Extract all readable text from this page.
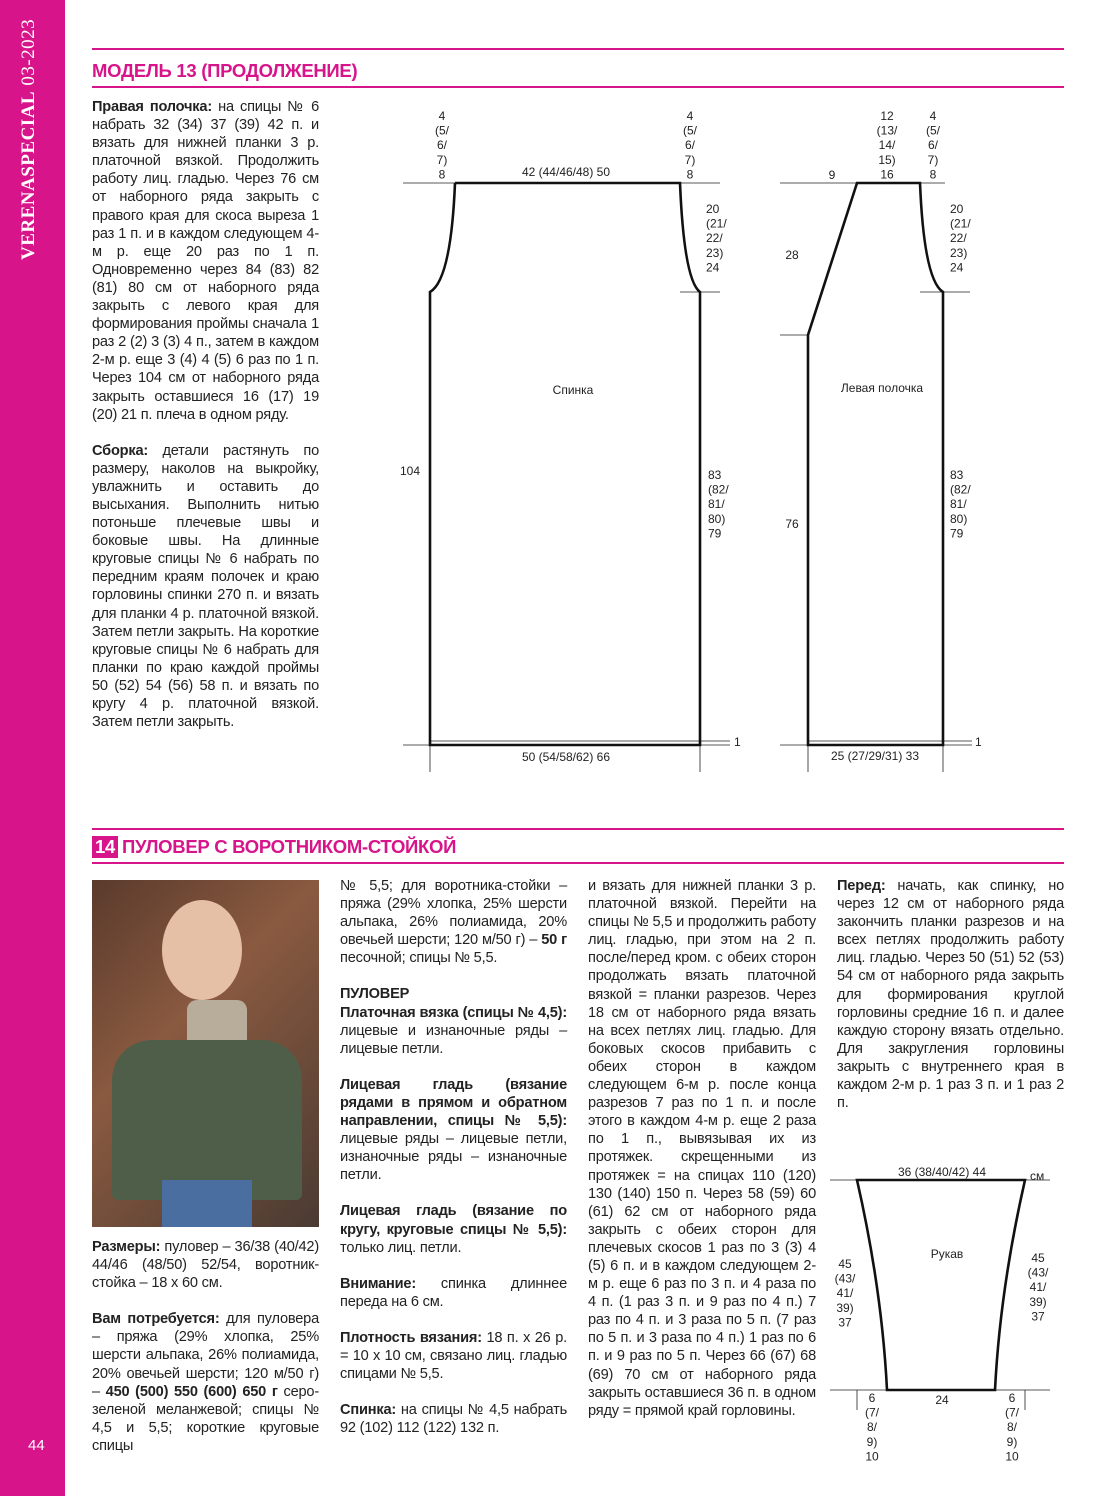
VERENASPECIAL 03-2023
44
МОДЕЛЬ 13 (ПРОДОЛЖЕНИЕ)

Правая полочка: на спицы № 6 набрать 32 (34) 37 (39) 42 п. и вязать для нижней планки 3 р. платочной вязкой. Продолжить работу лиц. гладью. Через 76 см от наборного ряда закрыть с правого края для скоса выреза 1 раз 1 п. и в каждом следующем 4-м р. еще 20 раз по 1 п. Одновременно через 84 (83) 82 (81) 80 см от наборного ряда закрыть с левого края для формирования проймы сначала 1 раз 2 (2) 3 (3) 4 п., затем в каждом 2-м р. еще 3 (4) 4 (5) 6 раз по 1 п. Через 104 см от наборного ряда закрыть оставшиеся 16 (17) 19 (20) 21 п. плеча в одном ряду.

Сборка: детали растянуть по размеру, наколов на выкройку, увлажнить и оставить до высыхания. Выполнить нитью потоньше плечевые швы и боковые швы. На длинные круговые спицы № 6 набрать по передним краям полочек и краю горловины спинки 270 п. и вязать для планки 4 р. платочной вязкой. Затем петли закрыть. На короткие круговые спицы № 6 набрать для планки по краю каждой проймы 50 (52) 54 (56) 58 п. и вязать по кругу 4 р. платочной вязкой. Затем петли закрыть.

Спинка
4 (5/ 6/ 7) 8
4 (5/ 6/ 7) 8
42 (44/46/48) 50
20 (21/ 22/ 23) 24
83 (82/ 81/ 80) 79
104
50 (54/58/62) 66
1
Левая полочка
12 (13/ 14/ 15) 16
4 (5/ 6/ 7) 8
9
28
20 (21/ 22/ 23) 24
83 (82/ 81/ 80) 79
76
25 (27/29/31) 33
1
Рукав
36 (38/40/42) 44	см
45 (43/ 41/ 39) 37
45 (43/ 41/ 39) 37
24
6 (7/ 8/ 9) 10
6 (7/ 8/ 9) 10
14 ПУЛОВЕР С ВОРОТНИКОМ-СТОЙКОЙ

Размеры: пуловер – 36/38 (40/42) 44/46 (48/50) 52/54, воротник-стойка – 18 х 60 см.

Вам потребуется: для пуловера – пряжа (29% хлопка, 25% шерсти альпака, 26% полиамида, 20% овечьей шерсти; 120 м/50 г) – 450 (500) 550 (600) 650 г серо-зеленой меланжевой; спицы № 4,5 и 5,5; короткие круговые спицы

№ 5,5; для воротника-стойки – пряжа (29% хлопка, 25% шерсти альпака, 26% полиамида, 20% овечьей шерсти; 120 м/50 г) – 50 г песочной; спицы № 5,5.

ПУЛОВЕР
Платочная вязка (спицы № 4,5): лицевые и изнаночные ряды – лицевые петли.

Лицевая гладь (вязание рядами в прямом и обратном направлении, спицы № 5,5): лицевые ряды – лицевые петли, изнаночные ряды – изнаночные петли.

Лицевая гладь (вязание по кругу, круговые спицы № 5,5): только лиц. петли.

Внимание: спинка длиннее переда на 6 см.

Плотность вязания: 18 п. х 26 р. = 10 х 10 см, связано лиц. гладью спицами № 5,5.

Спинка: на спицы № 4,5 набрать 92 (102) 112 (122) 132 п.

и вязать для нижней планки 3 р. платочной вязкой. Перейти на спицы № 5,5 и продолжить работу лиц. гладью, при этом на 2 п. после/перед кром. с обеих сторон продолжать вязать платочной вязкой = планки разрезов. Через 18 см от наборного ряда вязать на всех петлях лиц. гладью. Для боковых скосов прибавить с обеих сторон в каждом следующем 6-м р. после конца разрезов 7 раз по 1 п. и после этого в каждом 4-м р. еще 2 раза по 1 п., вывязывая их из протяжек. скрещенными из протяжек = на спицах 110 (120) 130 (140) 150 п. Через 58 (59) 60 (61) 62 см от наборного ряда закрыть с обеих сторон для плечевых скосов 1 раз по 3 (3) 4 (5) 6 п. и в каждом следующем 2-м р. еще 6 раз по 3 п. и 4 раза по 4 п. (1 раз 3 п. и 9 раз по 4 п.) 7 раз по 4 п. и 3 раза по 5 п. (7 раз по 5 п. и 3 раза по 4 п.) 1 раз по 6 п. и 9 раз по 5 п. Через 66 (67) 68 (69) 70 см от наборного ряда закрыть оставшиеся 36 п. в одном ряду = прямой край горловины.

Перед: начать, как спинку, но через 12 см от наборного ряда закончить планки разрезов и на всех петлях продолжить работу лиц. гладью. Через 50 (51) 52 (53) 54 см от наборного ряда закрыть для формирования круглой горловины средние 16 п. и далее каждую сторону вязать отдельно. Для закругления горловины закрыть с внутреннего края в каждом 2-м р. 1 раз 3 п. и 1 раз 2 п.
